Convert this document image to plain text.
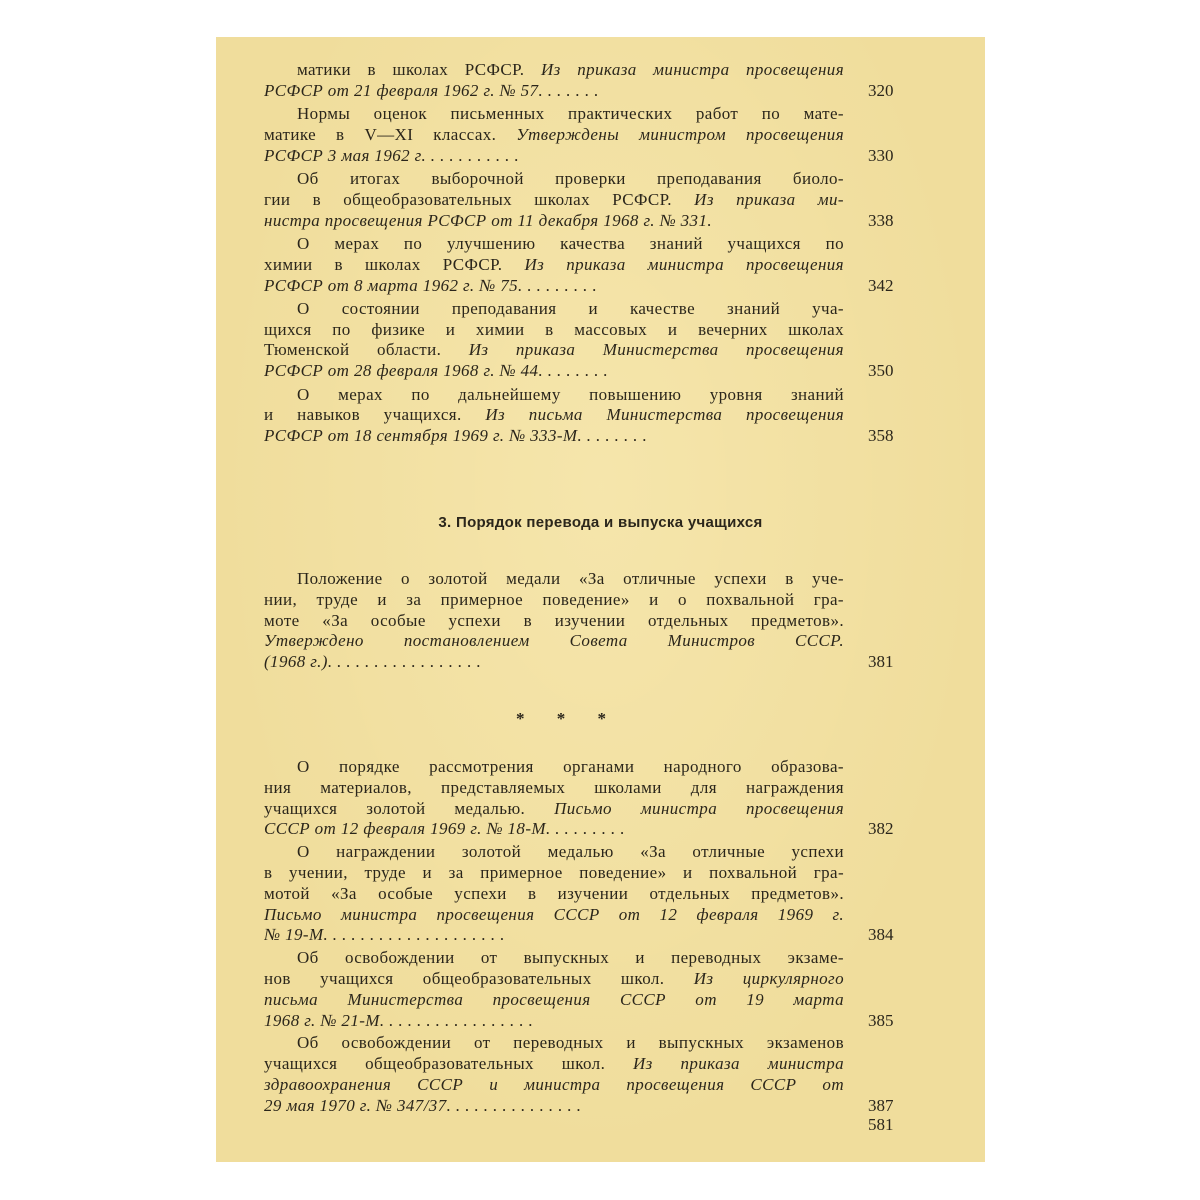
матики в школах РСФСР. Из приказа министра просвещения
РСФСР от 21 февраля 1962 г. № 57. . . . . . .	320
Нормы оценок письменных практических работ по мате-
матике в V—XI классах. Утверждены министром просвещения
РСФСР 3 мая 1962 г. . . . . . . . . . .	330
Об итогах выборочной проверки преподавания биоло-
гии в общеобразовательных школах РСФСР. Из приказа ми-
нистра просвещения РСФСР от 11 декабря 1968 г. № 331.	338
О мерах по улучшению качества знаний учащихся по
химии в школах РСФСР. Из приказа министра просвещения
РСФСР от 8 марта 1962 г. № 75. . . . . . . . .	342
О состоянии преподавания и качестве знаний уча-
щихся по физике и химии в массовых и вечерних школах
Тюменской области. Из приказа Министерства просвещения
РСФСР от 28 февраля 1968 г. № 44. . . . . . . .	350
О мерах по дальнейшему повышению уровня знаний
и навыков учащихся. Из письма Министерства просвещения
РСФСР от 18 сентября 1969 г. № 333-М. . . . . . . .	358
Положение о золотой медали «За отличные успехи в уче-
нии, труде и за примерное поведение» и о похвальной гра-
моте «За особые успехи в изучении отдельных предметов».
Утверждено постановлением Совета Министров СССР.
(1968 г.). . . . . . . . . . . . . . . . .	381
О порядке рассмотрения органами народного образова-
ния материалов, представляемых школами для награждения
учащихся золотой медалью. Письмо министра просвещения
СССР от 12 февраля 1969 г. № 18-М. . . . . . . . .	382
О награждении золотой медалью «За отличные успехи
в учении, труде и за примерное поведение» и похвальной гра-
мотой «За особые успехи в изучении отдельных предметов».
Письмо министра просвещения СССР от 12 февраля 1969 г.
№ 19-М. . . . . . . . . . . . . . . . . . . .	384
Об освобождении от выпускных и переводных экзаме-
нов учащихся общеобразовательных школ. Из циркулярного
письма Министерства просвещения СССР от 19 марта
1968 г. № 21-М. . . . . . . . . . . . . . . . .	385
Об освобождении от переводных и выпускных экзаменов
учащихся общеобразовательных школ. Из приказа министра
здравоохранения СССР и министра просвещения СССР от
29 мая 1970 г. № 347/37. . . . . . . . . . . . . . .	387
3. Порядок перевода и выпуска учащихся
* * *
581
